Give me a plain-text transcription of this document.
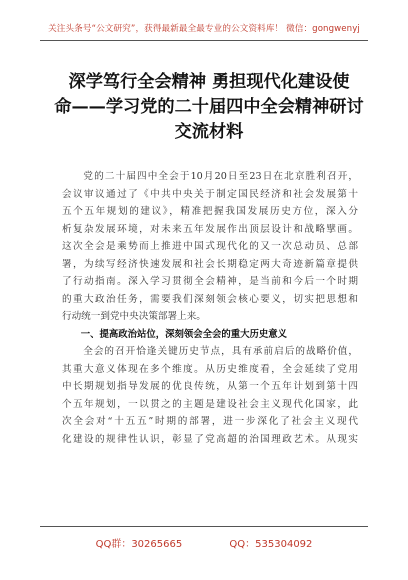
关注头条号“公文研究”，获得最新最全最专业的公文资料库！ 微信：gongwenyj
深学笃行全会精神 勇担现代化建设使
命——学习党的二十届四中全会精神研讨
交流材料
　　党的二十届四中全会于10月20日至23日在北京胜利召开，
会议审议通过了《中共中央关于制定国民经济和社会发展第十
五个五年规划的建议》，精准把握我国发展历史方位，深入分
析复杂发展环境，对未来五年发展作出顶层设计和战略擘画。
这次全会是乘势而上推进中国式现代化的又一次总动员、总部
署，为续写经济快速发展和社会长期稳定两大奇迹新篇章提供
了行动指南。深入学习贯彻全会精神，是当前和今后一个时期
的重大政治任务，需要我们深刻领会核心要义，切实把思想和
行动统一到党中央决策部署上来。
　　一、提高政治站位，深刻领会全会的重大历史意义
　　全会的召开恰逢关键历史节点，具有承前启后的战略价值，
其重大意义体现在多个维度。从历史维度看，全会延续了党用
中长期规划指导发展的优良传统，从第一个五年计划到第十四
个五年规划，一以贯之的主题是建设社会主义现代化国家，此
次全会对“十五五”时期的部署，进一步深化了社会主义现代
化建设的规律性认识，彰显了党高超的治国理政艺术。从现实
QQ群：30265665	QQ：535304092
